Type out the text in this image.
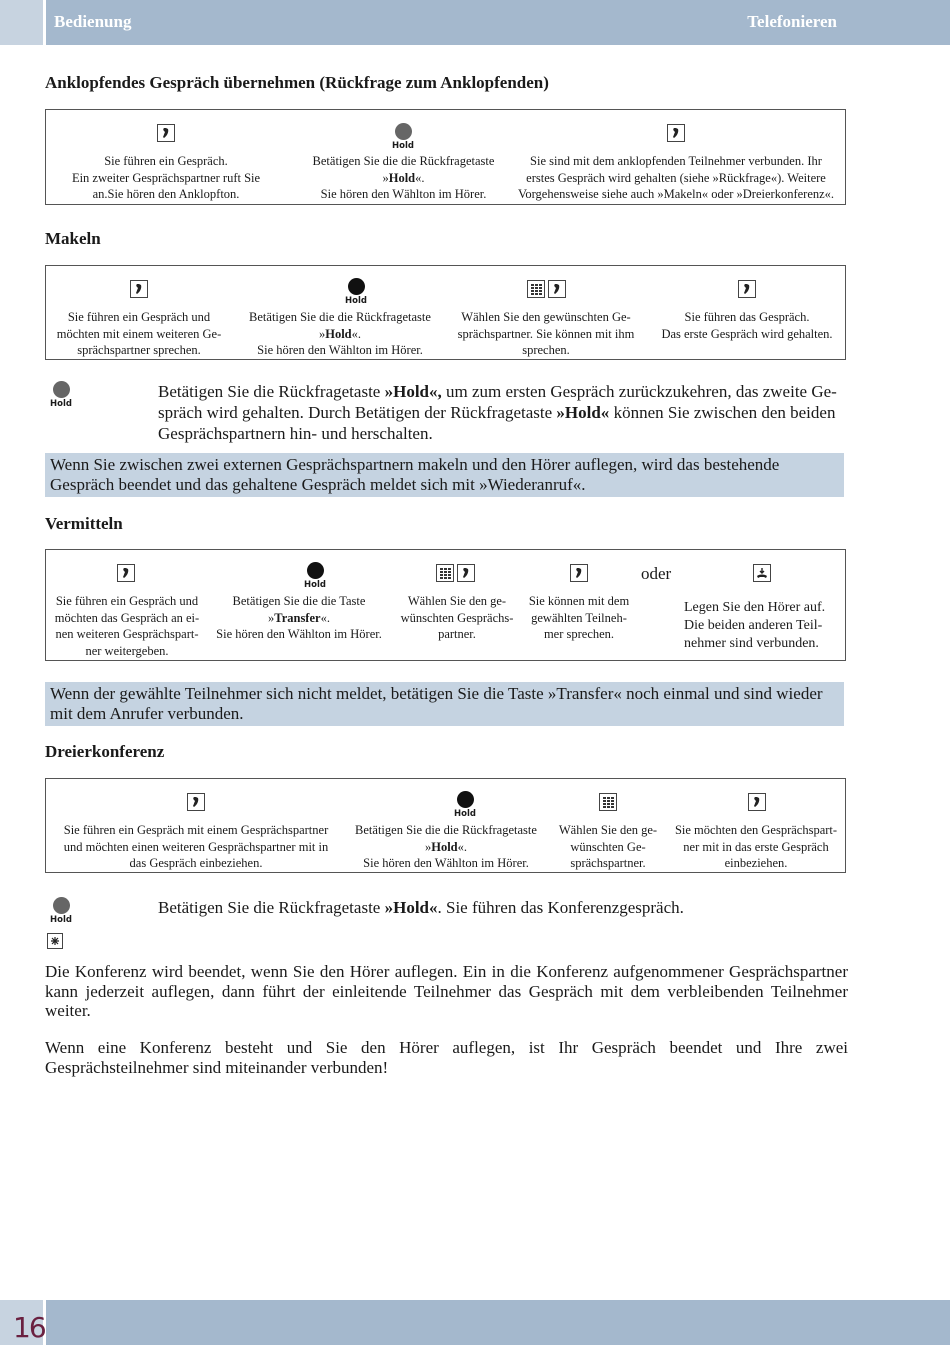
Bedienung	Telefonieren
Anklopfendes Gespräch übernehmen (Rückfrage zum Anklopfenden)
Sie führen ein Gespräch.
Ein zweiter Gesprächspartner ruft Sie
an.Sie hören den Anklopfton.
Hold
Betätigen Sie die die Rückfragetaste
»Hold«.
Sie hören den Wählton im Hörer.
Sie sind mit dem anklopfenden Teilnehmer verbunden. Ihr
erstes Gespräch wird gehalten (siehe »Rückfrage«). Weitere
Vorgehensweise siehe auch »Makeln« oder »Dreierkonferenz«.
Makeln
Sie führen ein Gespräch und
möchten mit einem weiteren Ge-
sprächspartner sprechen.
Hold
Betätigen Sie die die Rückfragetaste
»Hold«.
Sie hören den Wählton im Hörer.
Wählen Sie den gewünschten Ge-
sprächspartner. Sie können mit ihm
sprechen.
Sie führen das Gespräch.
Das erste Gespräch wird gehalten.
Hold
Betätigen Sie die Rückfragetaste »Hold«, um zum ersten Gespräch zurückzukehren, das zweite Ge-
spräch wird gehalten. Durch Betätigen der Rückfragetaste »Hold« können Sie zwischen den beiden
Gesprächspartnern hin- und herschalten.
Wenn Sie zwischen zwei externen Gesprächspartnern makeln und den Hörer auflegen, wird das bestehende Gespräch beendet und das gehaltene Gespräch meldet sich mit »Wiederanruf«.
Vermitteln
Sie führen ein Gespräch und
möchten das Gespräch an ei-
nen weiteren Gesprächspart-
ner weitergeben.
Hold
Betätigen Sie die die Taste
»Transfer«.
Sie hören den Wählton im Hörer.
Wählen Sie den ge-
wünschten Gesprächs-
partner.
Sie können mit dem
gewählten Teilneh-
mer sprechen.
oder
Legen Sie den Hörer auf.
Die beiden anderen Teil-
nehmer sind verbunden.
Wenn der gewählte Teilnehmer sich nicht meldet, betätigen Sie die Taste »Transfer« noch einmal und sind wieder mit dem Anrufer verbunden.
Dreierkonferenz
Sie führen ein Gespräch mit einem Gesprächspartner
und möchten einen weiteren Gesprächspartner mit in
das Gespräch einbeziehen.
Hold
Betätigen Sie die die Rückfragetaste
»Hold«.
Sie hören den Wählton im Hörer.
Wählen Sie den ge-
wünschten Ge-
sprächspartner.
Sie möchten den Gesprächspart-
ner mit in das erste Gespräch
einbeziehen.
Hold
Betätigen Sie die Rückfragetaste »Hold«. Sie führen das Konferenzgespräch.
Die Konferenz wird beendet, wenn Sie den Hörer auflegen. Ein in die Konferenz aufgenommener Gesprächspartner kann jederzeit auflegen, dann führt der einleitende Teilnehmer das Gespräch mit dem verbleibenden Teilnehmer weiter.
Wenn eine Konferenz besteht und Sie den Hörer auflegen, ist Ihr Gespräch beendet und Ihre zwei Gesprächsteilnehmer sind miteinander verbunden!
16
